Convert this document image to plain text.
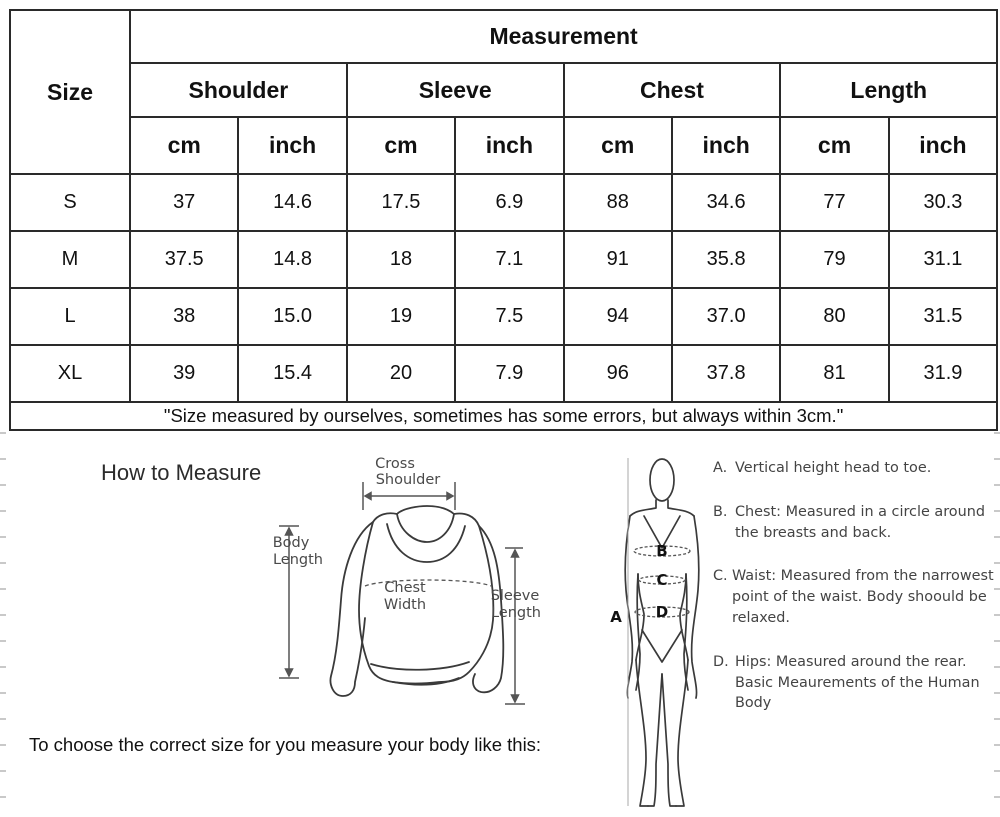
Size	Measurement							
	Shoulder		Sleeve		Chest		Length	
	cm	inch	cm	inch	cm	inch	cm	inch
S	37	14.6	17.5	6.9	88	34.6	77	30.3
M	37.5	14.8	18	7.1	91	35.8	79	31.1
L	38	15.0	19	7.5	94	37.0	80	31.5
XL	39	15.4	20	7.9	96	37.8	81	31.9
"Size measured by ourselves, sometimes has some errors, but always within 3cm."								
How to Measure	Cross
Shoulder
Body
Length
Chest
Width
Sleeve
Length	A
B
C
D
To choose the correct size for you measure your body like this:
A. Vertical height head to toe.
B. Chest: Measured in a circle around the breasts and back.
C. Waist: Measured from the narrowest point of the waist. Body shoould be relaxed.
D. Hips: Measured around the rear. Basic Meaurements of the Human Body
